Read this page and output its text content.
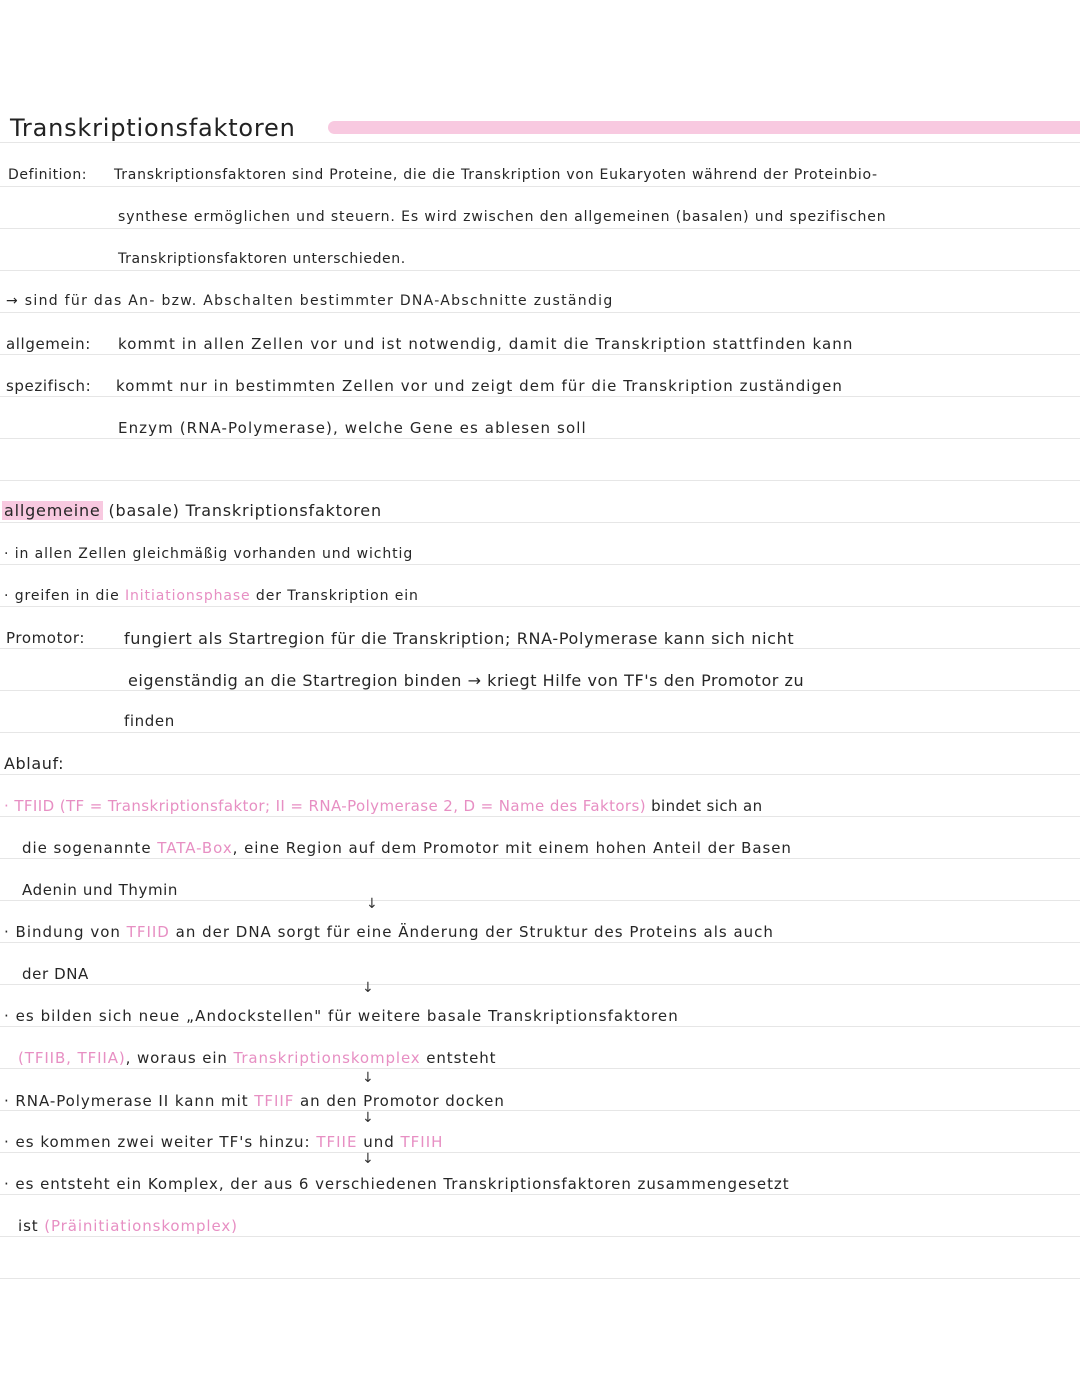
Transkriptionsfaktoren
Definition: Transkriptionsfaktoren sind Proteine, die die Transkription von Eukaryoten während der Proteinbio-
synthese ermöglichen und steuern. Es wird zwischen den allgemeinen (basalen) und spezifischen
Transkriptionsfaktoren unterschieden.
→ sind für das An- bzw. Abschalten bestimmter DNA-Abschnitte zuständig
allgemein: kommt in allen Zellen vor und ist notwendig, damit die Transkription stattfinden kann
spezifisch: kommt nur in bestimmten Zellen vor und zeigt dem für die Transkription zuständigen
Enzym (RNA-Polymerase), welche Gene es ablesen soll
allgemeine (basale) Transkriptionsfaktoren
· in allen Zellen gleichmäßig vorhanden und wichtig
· greifen in die Initiationsphase der Transkription ein
Promotor: fungiert als Startregion für die Transkription; RNA-Polymerase kann sich nicht
eigenständig an die Startregion binden → kriegt Hilfe von TF's den Promotor zu
finden
Ablauf:
· TFIID (TF = Transkriptionsfaktor; II = RNA-Polymerase 2, D = Name des Faktors) bindet sich an
die sogenannte TATA-Box, eine Region auf dem Promotor mit einem hohen Anteil der Basen
Adenin und Thymin
↓
· Bindung von TFIID an der DNA sorgt für eine Änderung der Struktur des Proteins als auch
der DNA
↓
· es bilden sich neue „Andockstellen" für weitere basale Transkriptionsfaktoren
(TFIIB, TFIIA), woraus ein Transkriptionskomplex entsteht
↓
· RNA-Polymerase II kann mit TFIIF an den Promotor docken
↓
· es kommen zwei weiter TF's hinzu: TFIIE und TFIIH
↓
· es entsteht ein Komplex, der aus 6 verschiedenen Transkriptionsfaktoren zusammengesetzt
ist (Präinitiationskomplex)
